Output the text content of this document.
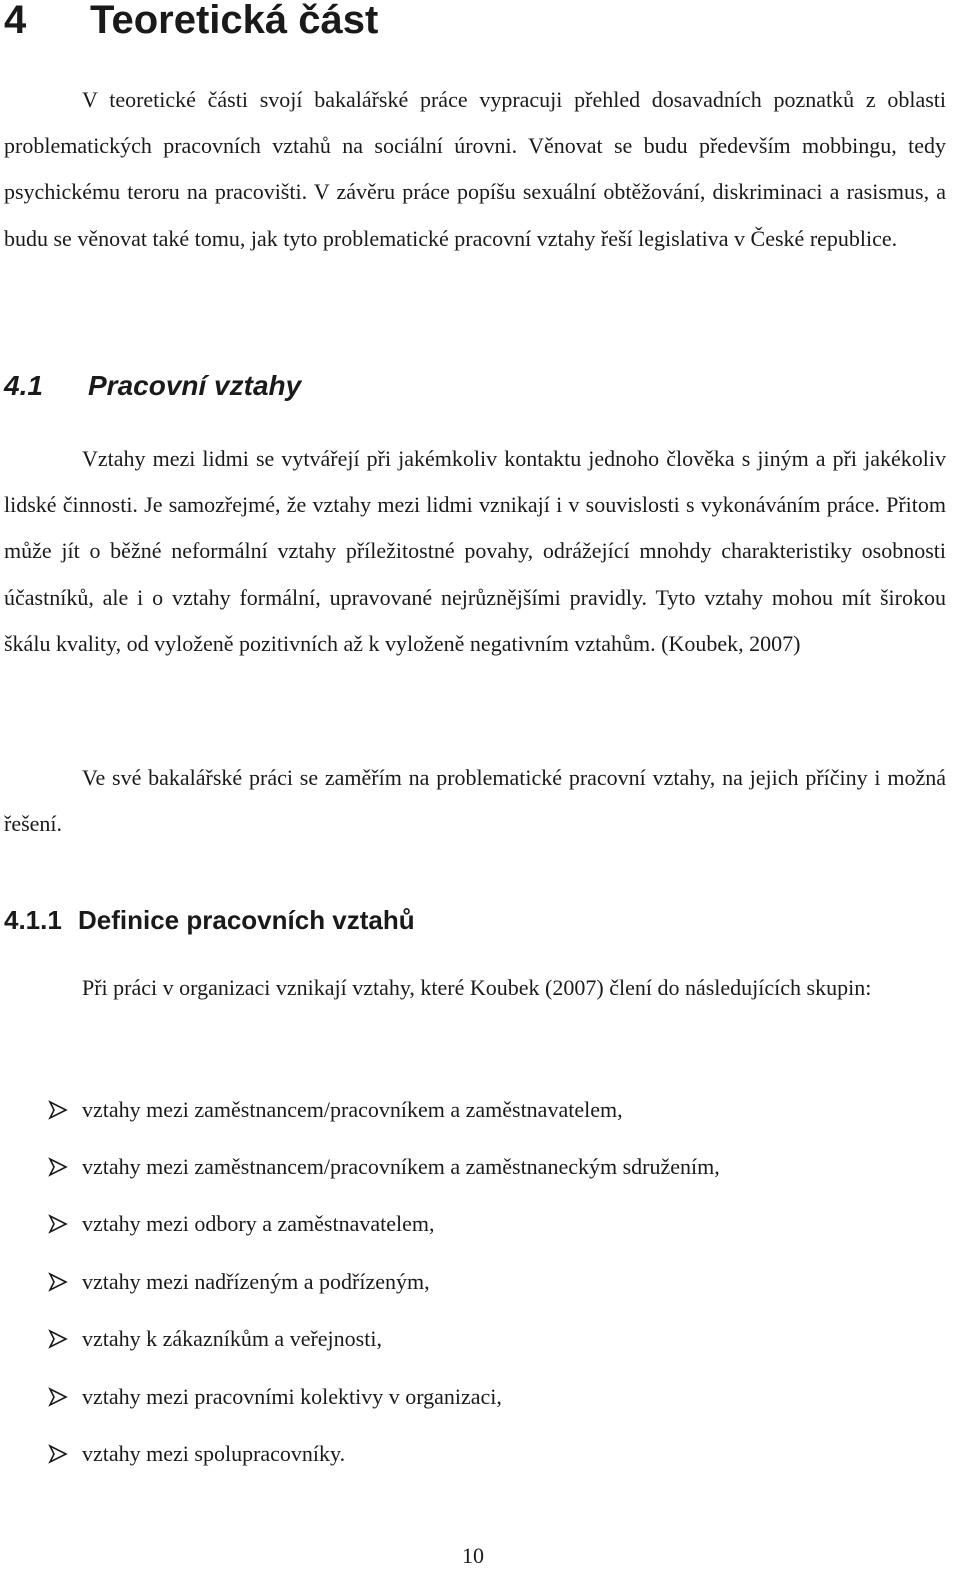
4 Teoretická část

V teoretické části svojí bakalářské práce vypracuji přehled dosavadních poznatků z oblasti problematických pracovních vztahů na sociální úrovni. Věnovat se budu především mobbingu, tedy psychickému teroru na pracovišti. V závěru práce popíšu sexuální obtěžování, diskriminaci a rasismus, a budu se věnovat také tomu, jak tyto problematické pracovní vztahy řeší legislativa v České republice.

4.1 Pracovní vztahy

Vztahy mezi lidmi se vytvářejí při jakémkoliv kontaktu jednoho člověka s jiným a při jakékoliv lidské činnosti. Je samozřejmé, že vztahy mezi lidmi vznikají i v souvislosti s vykonáváním práce. Přitom může jít o běžné neformální vztahy příležitostné povahy, odrážející mnohdy charakteristiky osobnosti účastníků, ale i o vztahy formální, upravované nejrůznějšími pravidly. Tyto vztahy mohou mít širokou škálu kvality, od vyloženě pozitivních až k vyloženě negativním vztahům. (Koubek, 2007)

Ve své bakalářské práci se zaměřím na problematické pracovní vztahy, na jejich příčiny i možná řešení.

4.1.1 Definice pracovních vztahů

Při práci v organizaci vznikají vztahy, které Koubek (2007) člení do následujících skupin:

vztahy mezi zaměstnancem/pracovníkem a zaměstnavatelem,
vztahy mezi zaměstnancem/pracovníkem a zaměstnaneckým sdružením,
vztahy mezi odbory a zaměstnavatelem,
vztahy mezi nadřízeným a podřízeným,
vztahy k zákazníkům a veřejnosti,
vztahy mezi pracovními kolektivy v organizaci,
vztahy mezi spolupracovníky.
10
